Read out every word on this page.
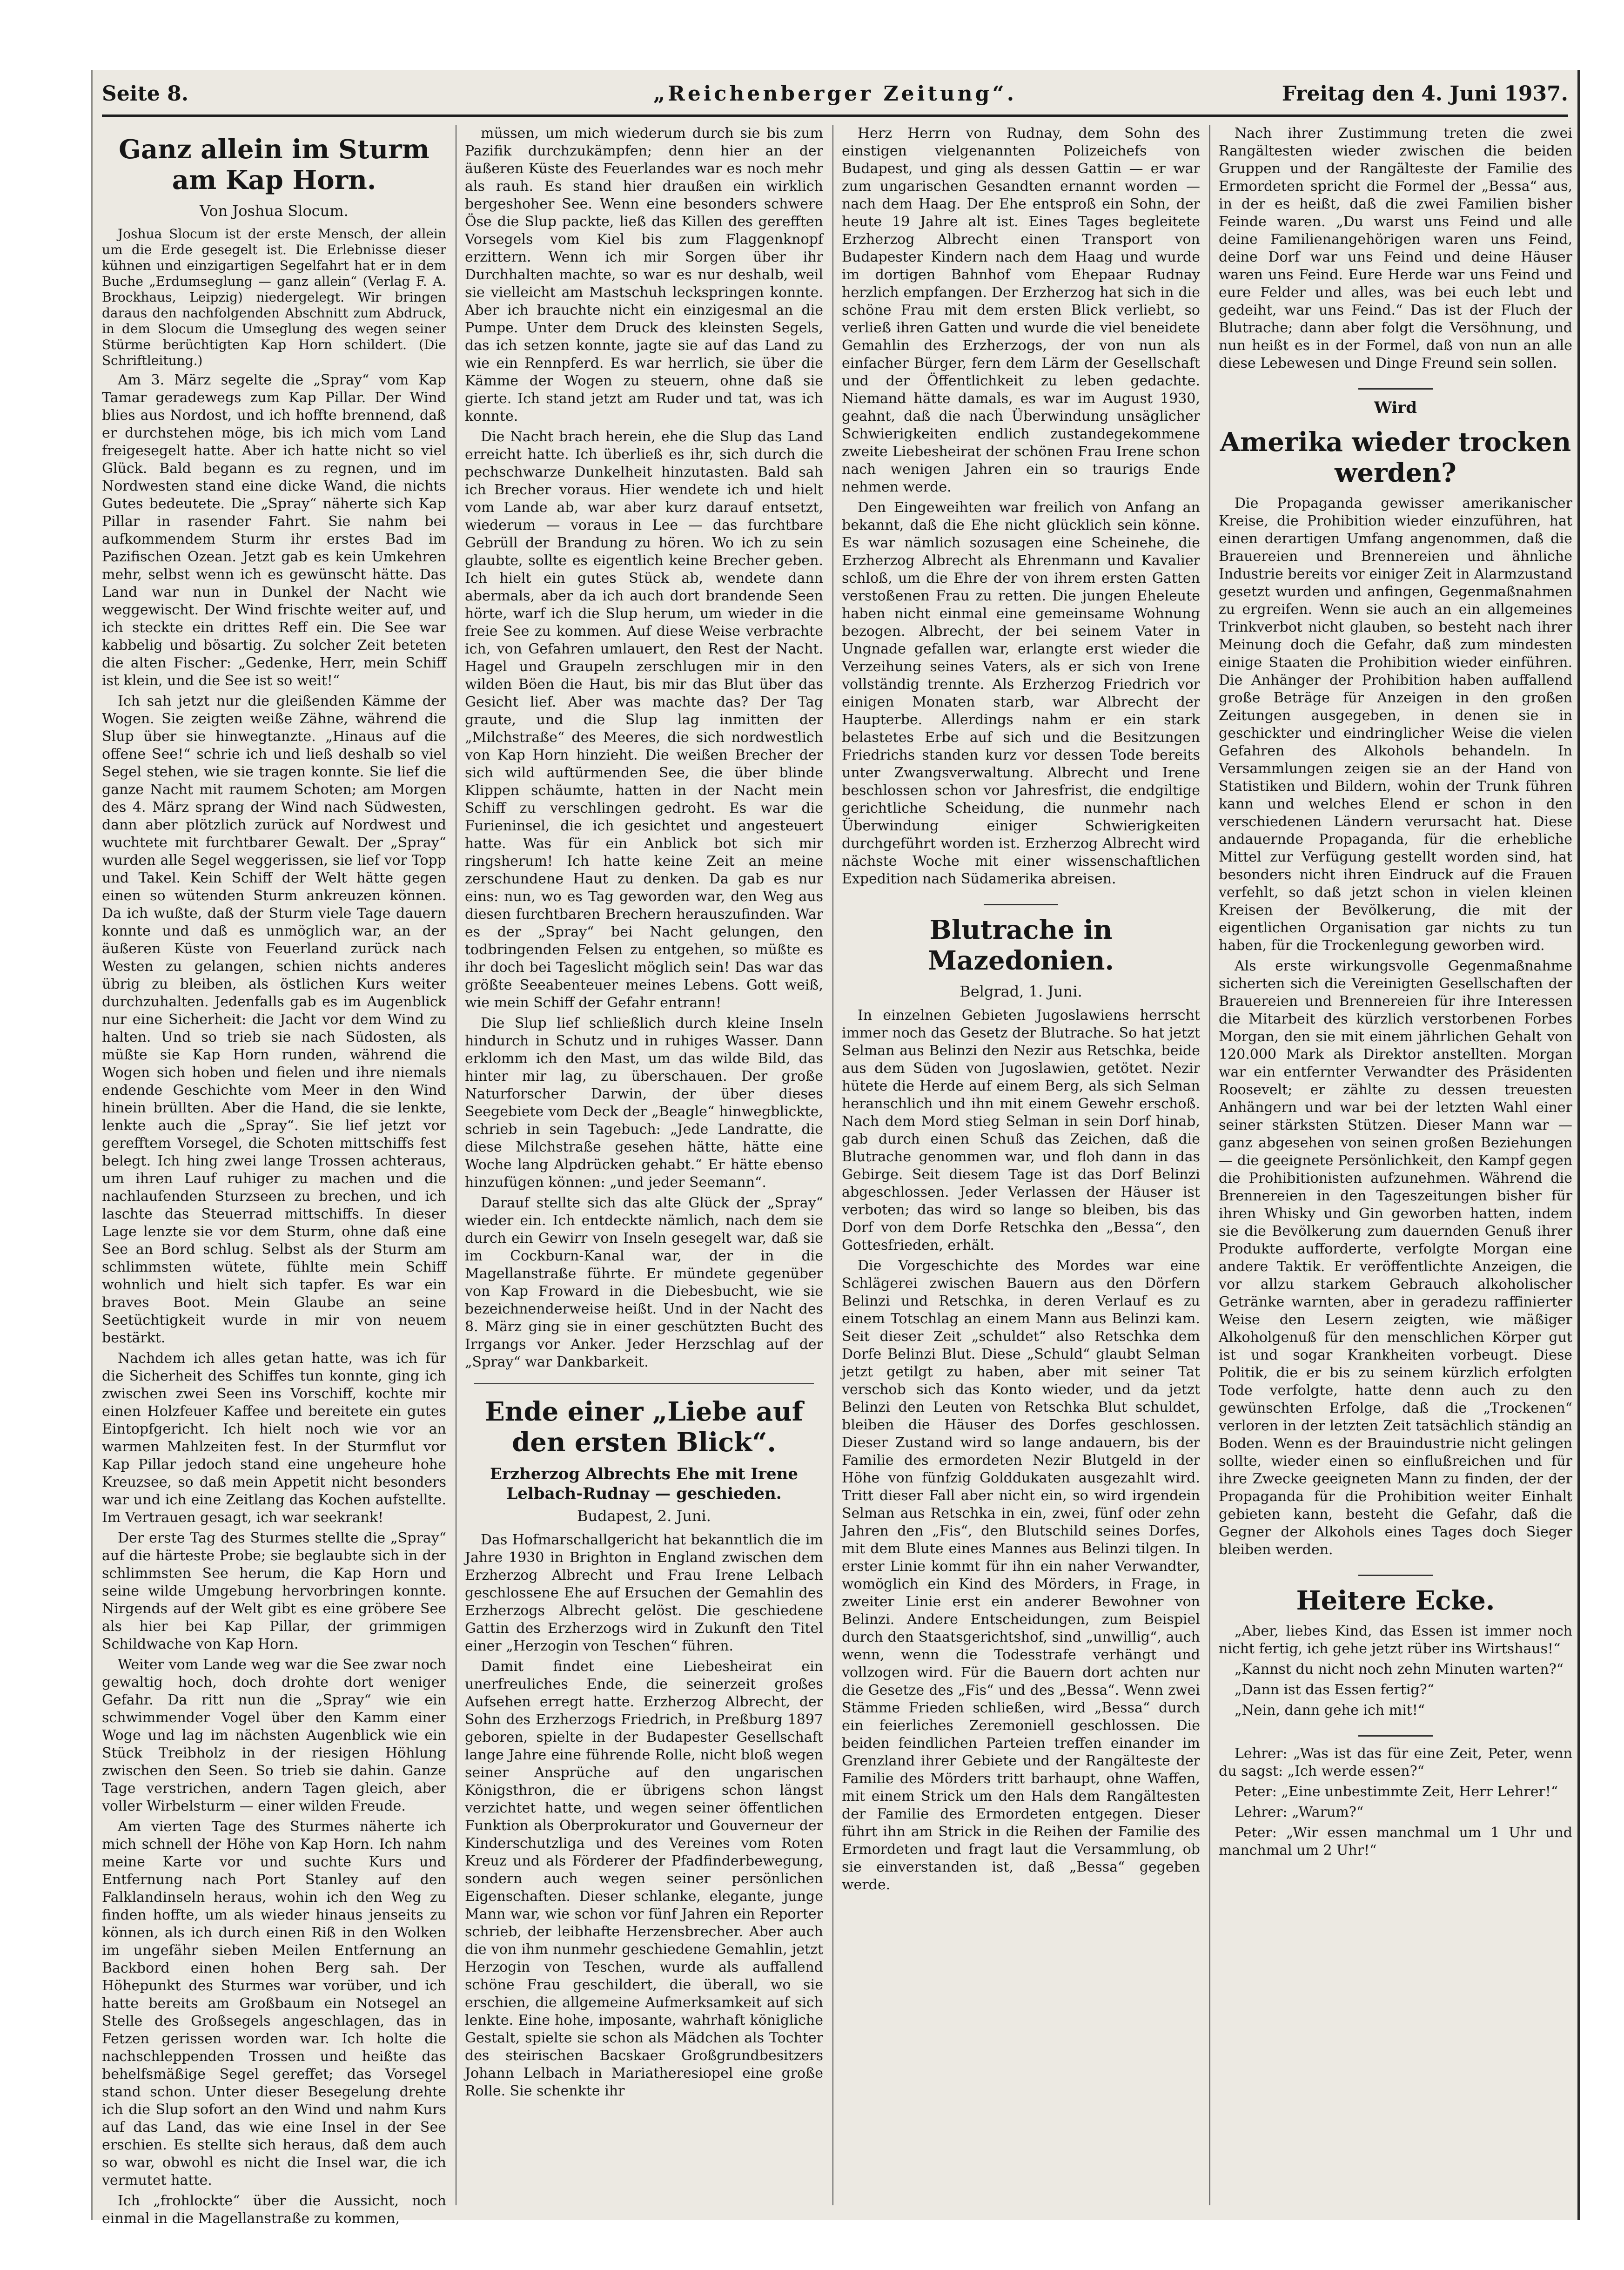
Seite 8.	„Reichenberger Zeitung“.	Freitag den 4. Juni 1937.
Ganz allein im Sturm am Kap Horn.
Von Joshua Slocum.

Joshua Slocum ist der erste Mensch, der allein um die Erde gesegelt ist. Die Erlebnisse dieser kühnen und einzigartigen Segelfahrt hat er in dem Buche „Erdumseglung — ganz allein“ (Verlag F. A. Brockhaus, Leipzig) niedergelegt. Wir bringen daraus den nachfolgenden Abschnitt zum Abdruck, in dem Slocum die Umseglung des wegen seiner Stürme berüchtigten Kap Horn schildert. (Die Schriftleitung.)

Am 3. März segelte die „Spray“ vom Kap Tamar geradewegs zum Kap Pillar. Der Wind blies aus Nordost, und ich hoffte brennend, daß er durchstehen möge, bis ich mich vom Land freigesegelt hatte. Aber ich hatte nicht so viel Glück. Bald begann es zu regnen, und im Nordwesten stand eine dicke Wand, die nichts Gutes bedeutete. Die „Spray“ näherte sich Kap Pillar in rasender Fahrt. Sie nahm bei aufkommendem Sturm ihr erstes Bad im Pazifischen Ozean. Jetzt gab es kein Umkehren mehr, selbst wenn ich es gewünscht hätte. Das Land war nun in Dunkel der Nacht wie weggewischt. Der Wind frischte weiter auf, und ich steckte ein drittes Reff ein. Die See war kabbelig und bösartig. Zu solcher Zeit beteten die alten Fischer: „Gedenke, Herr, mein Schiff ist klein, und die See ist so weit!“

Ich sah jetzt nur die gleißenden Kämme der Wogen. Sie zeigten weiße Zähne, während die Slup über sie hinwegtanzte. „Hinaus auf die offene See!“ schrie ich und ließ deshalb so viel Segel stehen, wie sie tragen konnte. Sie lief die ganze Nacht mit raumem Schoten; am Morgen des 4. März sprang der Wind nach Südwesten, dann aber plötzlich zurück auf Nordwest und wuchtete mit furchtbarer Gewalt. Der „Spray“ wurden alle Segel weggerissen, sie lief vor Topp und Takel. Kein Schiff der Welt hätte gegen einen so wütenden Sturm ankreuzen können. Da ich wußte, daß der Sturm viele Tage dauern konnte und daß es unmöglich war, an der äußeren Küste von Feuerland zurück nach Westen zu gelangen, schien nichts anderes übrig zu bleiben, als östlichen Kurs weiter durchzuhalten. Jedenfalls gab es im Augenblick nur eine Sicherheit: die Jacht vor dem Wind zu halten. Und so trieb sie nach Südosten, als müßte sie Kap Horn runden, während die Wogen sich hoben und fielen und ihre niemals endende Geschichte vom Meer in den Wind hinein brüllten. Aber die Hand, die sie lenkte, lenkte auch die „Spray“. Sie lief jetzt vor gerefftem Vorsegel, die Schoten mittschiffs fest belegt. Ich hing zwei lange Trossen achteraus, um ihren Lauf ruhiger zu machen und die nachlaufenden Sturzseen zu brechen, und ich laschte das Steuerrad mittschiffs. In dieser Lage lenzte sie vor dem Sturm, ohne daß eine See an Bord schlug. Selbst als der Sturm am schlimmsten wütete, fühlte mein Schiff wohnlich und hielt sich tapfer. Es war ein braves Boot. Mein Glaube an seine Seetüchtigkeit wurde in mir von neuem bestärkt.

Nachdem ich alles getan hatte, was ich für die Sicherheit des Schiffes tun konnte, ging ich zwischen zwei Seen ins Vorschiff, kochte mir einen Holzfeuer Kaffee und bereitete ein gutes Eintopfgericht. Ich hielt noch wie vor an warmen Mahlzeiten fest. In der Sturmflut vor Kap Pillar jedoch stand eine ungeheure hohe Kreuzsee, so daß mein Appetit nicht besonders war und ich eine Zeitlang das Kochen aufstellte. Im Vertrauen gesagt, ich war seekrank!

Der erste Tag des Sturmes stellte die „Spray“ auf die härteste Probe; sie beglaubte sich in der schlimmsten See herum, die Kap Horn und seine wilde Umgebung hervorbringen konnte. Nirgends auf der Welt gibt es eine gröbere See als hier bei Kap Pillar, der grimmigen Schildwache von Kap Horn.

Weiter vom Lande weg war die See zwar noch gewaltig hoch, doch drohte dort weniger Gefahr. Da ritt nun die „Spray“ wie ein schwimmender Vogel über den Kamm einer Woge und lag im nächsten Augenblick wie ein Stück Treibholz in der riesigen Höhlung zwischen den Seen. So trieb sie dahin. Ganze Tage verstrichen, andern Tagen gleich, aber voller Wirbelsturm — einer wilden Freude.

Am vierten Tage des Sturmes näherte ich mich schnell der Höhe von Kap Horn. Ich nahm meine Karte vor und suchte Kurs und Entfernung nach Port Stanley auf den Falklandinseln heraus, wohin ich den Weg zu finden hoffte, um als wieder hinaus jenseits zu können, als ich durch einen Riß in den Wolken im ungefähr sieben Meilen Entfernung an Backbord einen hohen Berg sah. Der Höhepunkt des Sturmes war vorüber, und ich hatte bereits am Großbaum ein Notsegel an Stelle des Großsegels angeschlagen, das in Fetzen gerissen worden war. Ich holte die nachschleppenden Trossen und heißte das behelfsmäßige Segel gereffet; das Vorsegel stand schon. Unter dieser Besegelung drehte ich die Slup sofort an den Wind und nahm Kurs auf das Land, das wie eine Insel in der See erschien. Es stellte sich heraus, daß dem auch so war, obwohl es nicht die Insel war, die ich vermutet hatte.

Ich „frohlockte“ über die Aussicht, noch einmal in die Magellanstraße zu kommen,

müssen, um mich wiederum durch sie bis zum Pazifik durchzukämpfen; denn hier an der äußeren Küste des Feuerlandes war es noch mehr als rauh. Es stand hier draußen ein wirklich bergeshoher See. Wenn eine besonders schwere Öse die Slup packte, ließ das Killen des gereﬀten Vorsegels vom Kiel bis zum Flaggenknopf erzittern. Wenn ich mir Sorgen über ihr Durchhalten machte, so war es nur deshalb, weil sie vielleicht am Mastschuh leckspringen konnte. Aber ich brauchte nicht ein einzigesmal an die Pumpe. Unter dem Druck des kleinsten Segels, das ich setzen konnte, jagte sie auf das Land zu wie ein Rennpferd. Es war herrlich, sie über die Kämme der Wogen zu steuern, ohne daß sie gierte. Ich stand jetzt am Ruder und tat, was ich konnte.

Die Nacht brach herein, ehe die Slup das Land erreicht hatte. Ich überließ es ihr, sich durch die pechschwarze Dunkelheit hinzutasten. Bald sah ich Brecher voraus. Hier wendete ich und hielt vom Lande ab, war aber kurz darauf entsetzt, wiederum — voraus in Lee — das furchtbare Gebrüll der Brandung zu hören. Wo ich zu sein glaubte, sollte es eigentlich keine Brecher geben. Ich hielt ein gutes Stück ab, wendete dann abermals, aber da ich auch dort brandende Seen hörte, warf ich die Slup herum, um wieder in die freie See zu kommen. Auf diese Weise verbrachte ich, von Gefahren umlauert, den Rest der Nacht. Hagel und Graupeln zerschlugen mir in den wilden Böen die Haut, bis mir das Blut über das Gesicht lief. Aber was machte das? Der Tag graute, und die Slup lag inmitten der „Milchstraße“ des Meeres, die sich nordwestlich von Kap Horn hinzieht. Die weißen Brecher der sich wild auftürmenden See, die über blinde Klippen schäumte, hatten in der Nacht mein Schiff zu verschlingen gedroht. Es war die Furieninsel, die ich gesichtet und angesteuert hatte. Was für ein Anblick bot sich mir ringsherum! Ich hatte keine Zeit an meine zerschundene Haut zu denken. Da gab es nur eins: nun, wo es Tag geworden war, den Weg aus diesen furchtbaren Brechern herauszufinden. War es der „Spray“ bei Nacht gelungen, den todbringenden Felsen zu entgehen, so müßte es ihr doch bei Tageslicht möglich sein! Das war das größte Seeabenteuer meines Lebens. Gott weiß, wie mein Schiff der Gefahr entrann!

Die Slup lief schließlich durch kleine Inseln hindurch in Schutz und in ruhiges Wasser. Dann erklomm ich den Mast, um das wilde Bild, das hinter mir lag, zu überschauen. Der große Naturforscher Darwin, der über dieses Seegebiete vom Deck der „Beagle“ hinwegblickte, schrieb in sein Tagebuch: „Jede Landratte, die diese Milchstraße gesehen hätte, hätte eine Woche lang Alpdrücken gehabt.“ Er hätte ebenso hinzufügen können: „und jeder Seemann“.

Darauf stellte sich das alte Glück der „Spray“ wieder ein. Ich entdeckte nämlich, nach dem sie durch ein Gewirr von Inseln gesegelt war, daß sie im Cockburn-Kanal war, der in die Magellanstraße führte. Er mündete gegenüber von Kap Froward in die Diebesbucht, wie sie bezeichnenderweise heißt. Und in der Nacht des 8. März ging sie in einer geschützten Bucht des Irrgangs vor Anker. Jeder Herzschlag auf der „Spray“ war Dankbarkeit.

Ende einer „Liebe auf den ersten Blick“.
Erzherzog Albrechts Ehe mit Irene Lelbach-Rudnay — geschieden.
Budapest, 2. Juni.

Das Hofmarschallgericht hat bekanntlich die im Jahre 1930 in Brighton in England zwischen dem Erzherzog Albrecht und Frau Irene Lelbach geschlossene Ehe auf Ersuchen der Gemahlin des Erzherzogs Albrecht gelöst. Die geschiedene Gattin des Erzherzogs wird in Zukunft den Titel einer „Herzogin von Teschen“ führen.

Damit findet eine Liebesheirat ein unerfreuliches Ende, die seinerzeit großes Aufsehen erregt hatte. Erzherzog Albrecht, der Sohn des Erzherzogs Friedrich, in Preßburg 1897 geboren, spielte in der Budapester Gesellschaft lange Jahre eine führende Rolle, nicht bloß wegen seiner Ansprüche auf den ungarischen Königsthron, die er übrigens schon längst verzichtet hatte, und wegen seiner öffentlichen Funktion als Oberprokurator und Gouverneur der Kinderschutzliga und des Vereines vom Roten Kreuz und als Förderer der Pfadfinderbewegung, sondern auch wegen seiner persönlichen Eigenschaften. Dieser schlanke, elegante, junge Mann war, wie schon vor fünf Jahren ein Reporter schrieb, der leibhafte Herzensbrecher. Aber auch die von ihm nunmehr geschiedene Gemahlin, jetzt Herzogin von Teschen, wurde als auffallend schöne Frau geschildert, die überall, wo sie erschien, die allgemeine Aufmerksamkeit auf sich lenkte. Eine hohe, imposante, wahrhaft königliche Gestalt, spielte sie schon als Mädchen als Tochter des steirischen Bacskaer Großgrundbesitzers Johann Lelbach in Mariatheresiopel eine große Rolle. Sie schenkte ihr

Herz Herrn von Rudnay, dem Sohn des einstigen vielgenannten Polizeichefs von Budapest, und ging als dessen Gattin — er war zum ungarischen Gesandten ernannt worden — nach dem Haag. Der Ehe entsproß ein Sohn, der heute 19 Jahre alt ist. Eines Tages begleitete Erzherzog Albrecht einen Transport von Budapester Kindern nach dem Haag und wurde im dortigen Bahnhof vom Ehepaar Rudnay herzlich empfangen. Der Erzherzog hat sich in die schöne Frau mit dem ersten Blick verliebt, so verließ ihren Gatten und wurde die viel beneidete Gemahlin des Erzherzogs, der von nun als einfacher Bürger, fern dem Lärm der Gesellschaft und der Öffentlichkeit zu leben gedachte. Niemand hätte damals, es war im August 1930, geahnt, daß die nach Überwindung unsäglicher Schwierigkeiten endlich zustandegekommene zweite Liebesheirat der schönen Frau Irene schon nach wenigen Jahren ein so traurigs Ende nehmen werde.

Den Eingeweihten war freilich von Anfang an bekannt, daß die Ehe nicht glücklich sein könne. Es war nämlich sozusagen eine Scheinehe, die Erzherzog Albrecht als Ehrenmann und Kavalier schloß, um die Ehre der von ihrem ersten Gatten verstoßenen Frau zu retten. Die jungen Eheleute haben nicht einmal eine gemeinsame Wohnung bezogen. Albrecht, der bei seinem Vater in Ungnade gefallen war, erlangte erst wieder die Verzeihung seines Vaters, als er sich von Irene vollständig trennte. Als Erzherzog Friedrich vor einigen Monaten starb, war Albrecht der Haupterbe. Allerdings nahm er ein stark belastetes Erbe auf sich und die Besitzungen Friedrichs standen kurz vor dessen Tode bereits unter Zwangsverwaltung. Albrecht und Irene beschlossen schon vor Jahresfrist, die endgiltige gerichtliche Scheidung, die nunmehr nach Überwindung einiger Schwierigkeiten durchgeführt worden ist. Erzherzog Albrecht wird nächste Woche mit einer wissenschaftlichen Expedition nach Südamerika abreisen.

Blutrache in Mazedonien.
Belgrad, 1. Juni.

In einzelnen Gebieten Jugoslawiens herrscht immer noch das Gesetz der Blutrache. So hat jetzt Selman aus Belinzi den Nezir aus Retschka, beide aus dem Süden von Jugoslawien, getötet. Nezir hütete die Herde auf einem Berg, als sich Selman heranschlich und ihn mit einem Gewehr erschoß. Nach dem Mord stieg Selman in sein Dorf hinab, gab durch einen Schuß das Zeichen, daß die Blutrache genommen war, und floh dann in das Gebirge. Seit diesem Tage ist das Dorf Belinzi abgeschlossen. Jeder Verlassen der Häuser ist verboten; das wird so lange so bleiben, bis das Dorf von dem Dorfe Retschka den „Bessa“, den Gottesfrieden, erhält.

Die Vorgeschichte des Mordes war eine Schlägerei zwischen Bauern aus den Dörfern Belinzi und Retschka, in deren Verlauf es zu einem Totschlag an einem Mann aus Belinzi kam. Seit dieser Zeit „schuldet“ also Retschka dem Dorfe Belinzi Blut. Diese „Schuld“ glaubt Selman jetzt getilgt zu haben, aber mit seiner Tat verschob sich das Konto wieder, und da jetzt Belinzi den Leuten von Retschka Blut schuldet, bleiben die Häuser des Dorfes geschlossen. Dieser Zustand wird so lange andauern, bis der Familie des ermordeten Nezir Blutgeld in der Höhe von fünfzig Golddukaten ausgezahlt wird. Tritt dieser Fall aber nicht ein, so wird irgendein Selman aus Retschka in ein, zwei, fünf oder zehn Jahren den „Fis“, den Blutschild seines Dorfes, mit dem Blute eines Mannes aus Belinzi tilgen. In erster Linie kommt für ihn ein naher Verwandter, womöglich ein Kind des Mörders, in Frage, in zweiter Linie erst ein anderer Bewohner von Belinzi. Andere Entscheidungen, zum Beispiel durch den Staatsgerichtshof, sind „unwillig“, auch wenn, wenn die Todesstrafe verhängt und vollzogen wird. Für die Bauern dort achten nur die Gesetze des „Fis“ und des „Bessa“. Wenn zwei Stämme Frieden schließen, wird „Bessa“ durch ein feierliches Zeremoniell geschlossen. Die beiden feindlichen Parteien treffen einander im Grenzland ihrer Gebiete und der Rangälteste der Familie des Mörders tritt barhaupt, ohne Waffen, mit einem Strick um den Hals dem Rangältesten der Familie des Ermordeten entgegen. Dieser führt ihn am Strick in die Reihen der Familie des Ermordeten und fragt laut die Versammlung, ob sie einverstanden ist, daß „Bessa“ gegeben werde.

Nach ihrer Zustimmung treten die zwei Rangältesten wieder zwischen die beiden Gruppen und der Rangälteste der Familie des Ermordeten spricht die Formel der „Bessa“ aus, in der es heißt, daß die zwei Familien bisher Feinde waren. „Du warst uns Feind und alle deine Familienangehörigen waren uns Feind, deine Dorf war uns Feind und deine Häuser waren uns Feind. Eure Herde war uns Feind und eure Felder und alles, was bei euch lebt und gedeiht, war uns Feind.“ Das ist der Fluch der Blutrache; dann aber folgt die Versöhnung, und nun heißt es in der Formel, daß von nun an alle diese Lebewesen und Dinge Freund sein sollen.

Wird
Amerika wieder trocken werden?

Die Propaganda gewisser amerikanischer Kreise, die Prohibition wieder einzuführen, hat einen derartigen Umfang angenommen, daß die Brauereien und Brennereien und ähnliche Industrie bereits vor einiger Zeit in Alarmzustand gesetzt wurden und anfingen, Gegenmaßnahmen zu ergreifen. Wenn sie auch an ein allgemeines Trinkverbot nicht glauben, so besteht nach ihrer Meinung doch die Gefahr, daß zum mindesten einige Staaten die Prohibition wieder einführen. Die Anhänger der Prohibition haben auffallend große Beträge für Anzeigen in den großen Zeitungen ausgegeben, in denen sie in geschickter und eindringlicher Weise die vielen Gefahren des Alkohols behandeln. In Versammlungen zeigen sie an der Hand von Statistiken und Bildern, wohin der Trunk führen kann und welches Elend er schon in den verschiedenen Ländern verursacht hat. Diese andauernde Propaganda, für die erhebliche Mittel zur Verfügung gestellt worden sind, hat besonders nicht ihren Eindruck auf die Frauen verfehlt, so daß jetzt schon in vielen kleinen Kreisen der Bevölkerung, die mit der eigentlichen Organisation gar nichts zu tun haben, für die Trockenlegung geworben wird.

Als erste wirkungsvolle Gegenmaßnahme sicherten sich die Vereinigten Gesellschaften der Brauereien und Brennereien für ihre Interessen die Mitarbeit des kürzlich verstorbenen Forbes Morgan, den sie mit einem jährlichen Gehalt von 120.000 Mark als Direktor anstellten. Morgan war ein entfernter Verwandter des Präsidenten Roosevelt; er zählte zu dessen treuesten Anhängern und war bei der letzten Wahl einer seiner stärksten Stützen. Dieser Mann war — ganz abgesehen von seinen großen Beziehungen — die geeignete Persönlichkeit, den Kampf gegen die Prohibitionisten aufzunehmen. Während die Brennereien in den Tageszeitungen bisher für ihren Whisky und Gin geworben hatten, indem sie die Bevölkerung zum dauernden Genuß ihrer Produkte aufforderte, verfolgte Morgan eine andere Taktik. Er veröffentlichte Anzeigen, die vor allzu starkem Gebrauch alkoholischer Getränke warnten, aber in geradezu raffinierter Weise den Lesern zeigten, wie mäßiger Alkoholgenuß für den menschlichen Körper gut ist und sogar Krankheiten vorbeugt. Diese Politik, die er bis zu seinem kürzlich erfolgten Tode verfolgte, hatte denn auch zu den gewünschten Erfolge, daß die „Trockenen“ verloren in der letzten Zeit tatsächlich ständig an Boden. Wenn es der Brauindustrie nicht gelingen sollte, wieder einen so einflußreichen und für ihre Zwecke geeigneten Mann zu finden, der der Propaganda für die Prohibition weiter Einhalt gebieten kann, besteht die Gefahr, daß die Gegner der Alkohols eines Tages doch Sieger bleiben werden.

Heitere Ecke.

„Aber, liebes Kind, das Essen ist immer noch nicht fertig, ich gehe jetzt rüber ins Wirtshaus!“

„Kannst du nicht noch zehn Minuten warten?“

„Dann ist das Essen fertig?“

„Nein, dann gehe ich mit!“

Lehrer: „Was ist das für eine Zeit, Peter, wenn du sagst: „Ich werde essen?“

Peter: „Eine unbestimmte Zeit, Herr Lehrer!“

Lehrer: „Warum?“

Peter: „Wir essen manchmal um 1 Uhr und manchmal um 2 Uhr!“
